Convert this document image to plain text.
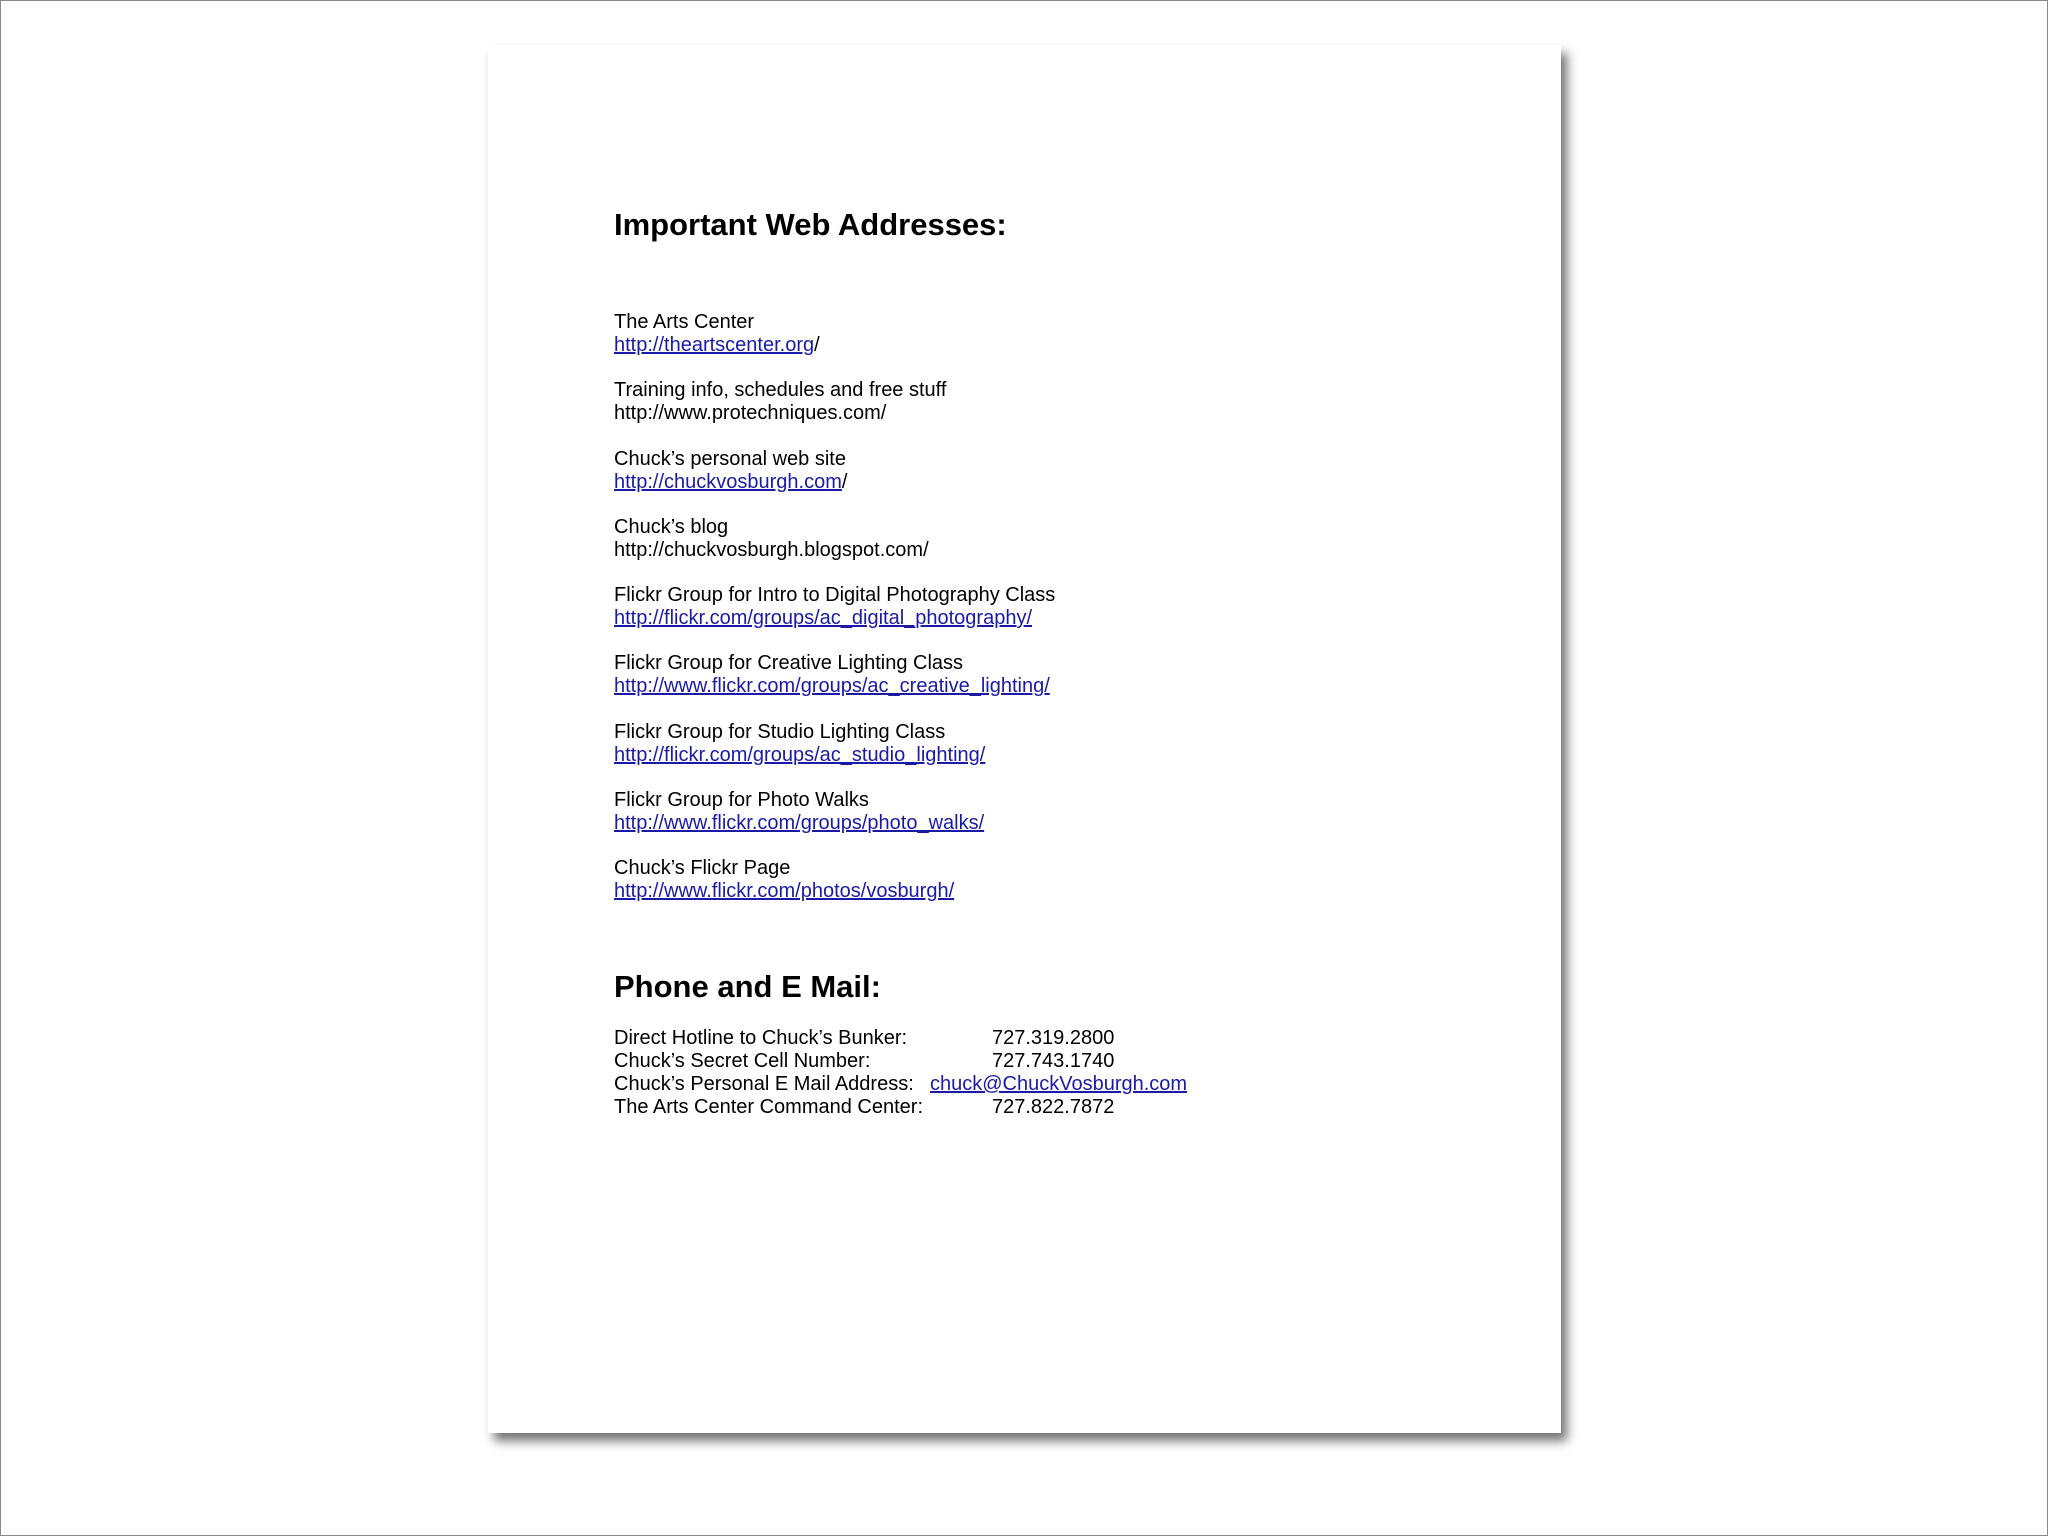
Important Web Addresses:
The Arts Center
http://theartscenter.org/
Training info, schedules and free stuff
http://www.protechniques.com/
Chuck’s personal web site
http://chuckvosburgh.com/
Chuck’s blog
http://chuckvosburgh.blogspot.com/
Flickr Group for Intro to Digital Photography Class
http://flickr.com/groups/ac_digital_photography/
Flickr Group for Creative Lighting Class
http://www.flickr.com/groups/ac_creative_lighting/
Flickr Group for Studio Lighting Class
http://flickr.com/groups/ac_studio_lighting/
Flickr Group for Photo Walks
http://www.flickr.com/groups/photo_walks/
Chuck’s Flickr Page
http://www.flickr.com/photos/vosburgh/
Phone and E Mail:
Direct Hotline to Chuck’s Bunker:	727.319.2800
Chuck’s Secret Cell Number:	727.743.1740
Chuck’s Personal E Mail Address: chuck@ChuckVosburgh.com
The Arts Center Command Center:	727.822.7872
